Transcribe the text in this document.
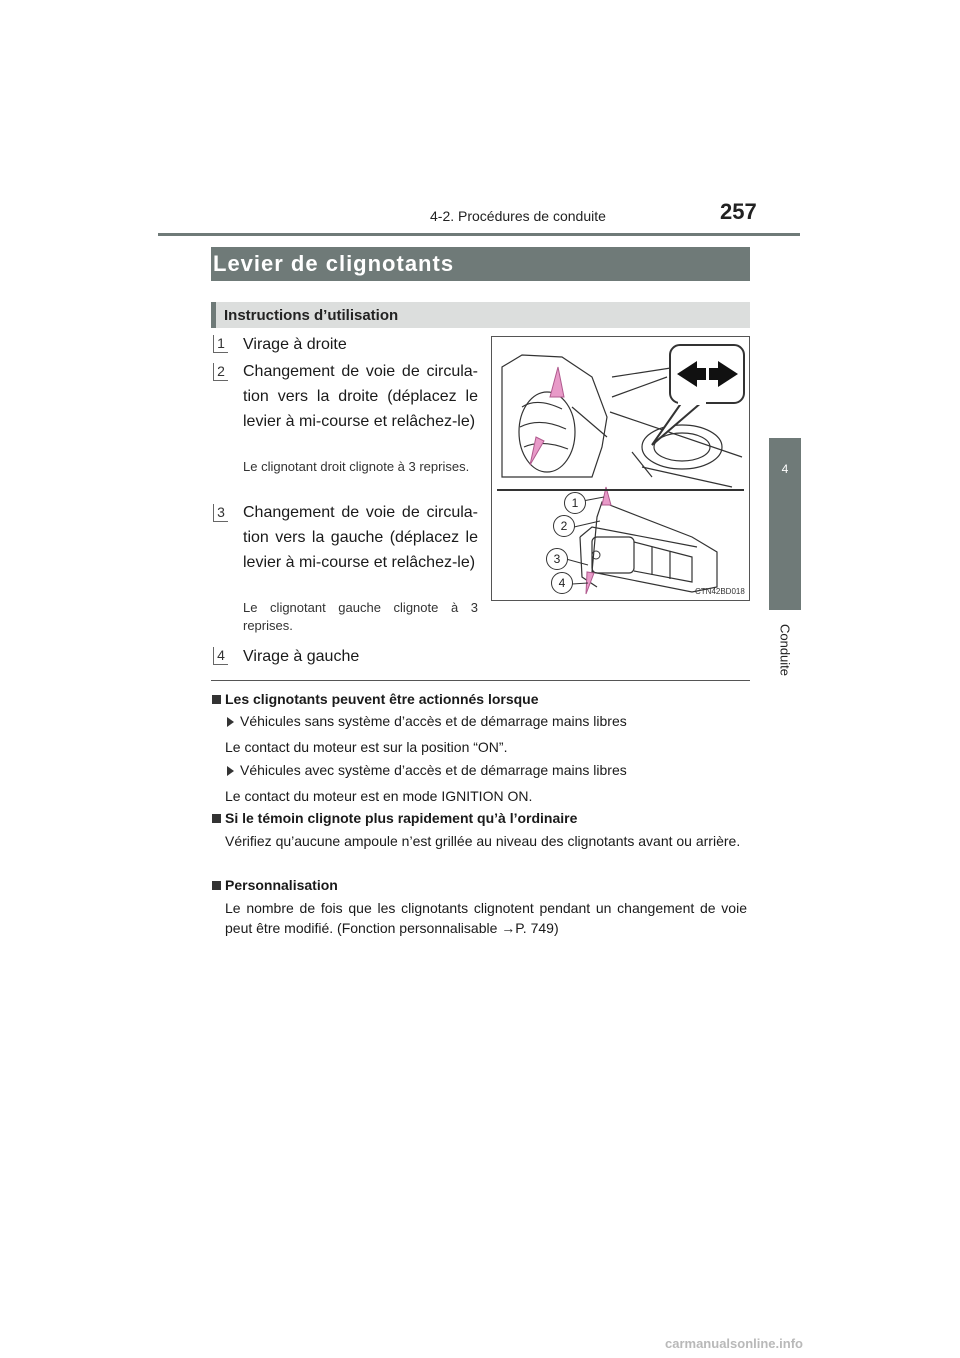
4-2. Procédures de conduite	257
4
Conduite
Levier de clignotants
Instructions d’utilisation
1 Virage à droite
2 Changement de voie de circula-tion vers la droite (déplacez le levier à mi-course et relâchez-le)
Le clignotant droit clignote à 3 reprises.
3 Changement de voie de circula-tion vers la gauche (déplacez le levier à mi-course et relâchez-le)
Le clignotant gauche clignote à 3 reprises.
4 Virage à gauche
1
2
3
4
CTN42BD018
Les clignotants peuvent être actionnés lorsque
Véhicules sans système d’accès et de démarrage mains libres
Le contact du moteur est sur la position “ON”.
Véhicules avec système d’accès et de démarrage mains libres
Le contact du moteur est en mode IGNITION ON.
Si le témoin clignote plus rapidement qu’à l’ordinaire
Vérifiez qu’aucune ampoule n’est grillée au niveau des clignotants avant ou arrière.
Personnalisation
Le nombre de fois que les clignotants clignotent pendant un changement de voie peut être modifié. (Fonction personnalisable →P. 749)
carmanualsonline.info
